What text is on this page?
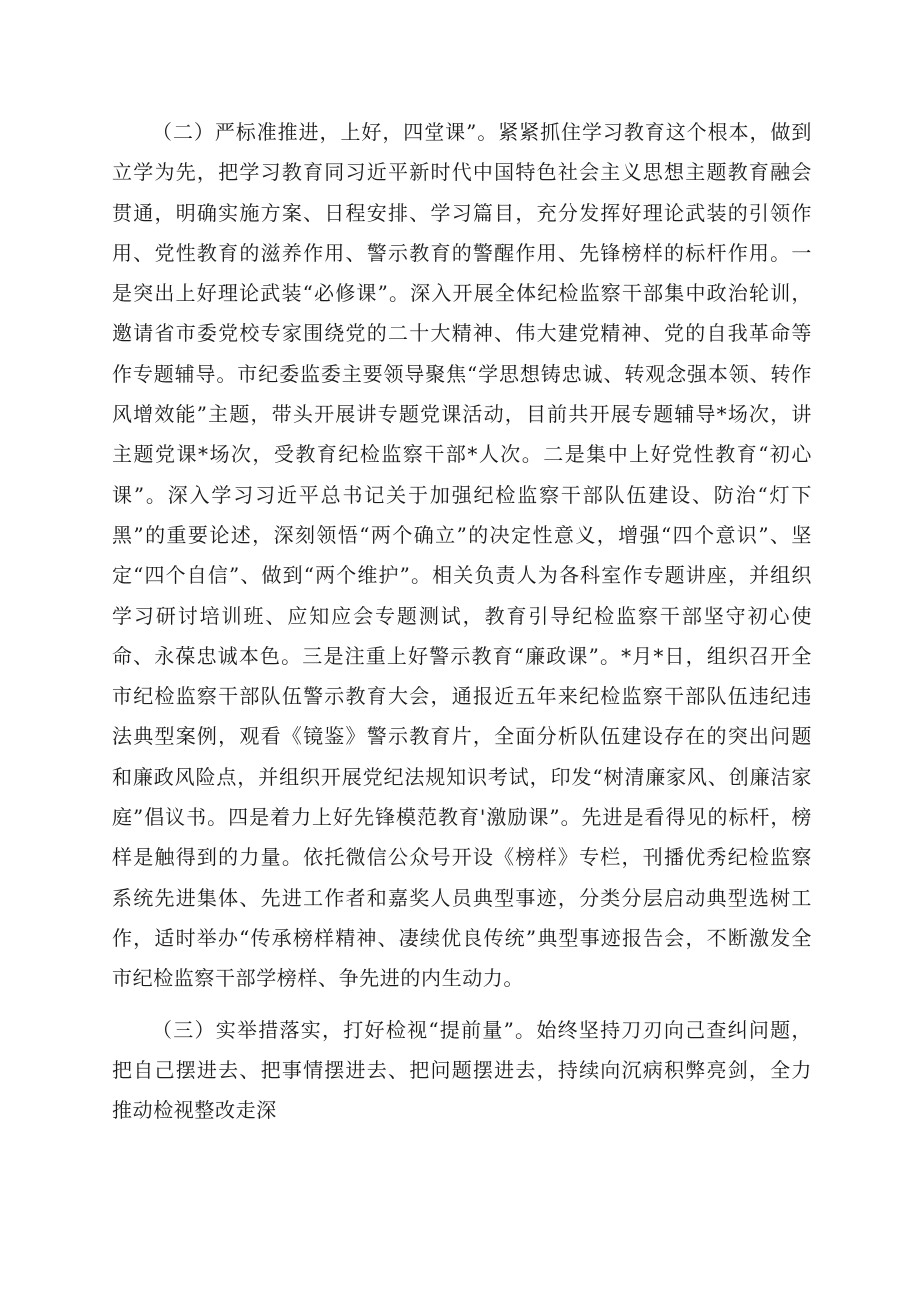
（二）严标准推进，上好，四堂课”。紧紧抓住学习教育这个根本，做到立学为先，把学习教育同习近平新时代中国特色社会主义思想主题教育融会贯通，明确实施方案、日程安排、学习篇目，充分发挥好理论武装的引领作用、党性教育的滋养作用、警示教育的警醒作用、先锋榜样的标杆作用。一是突出上好理论武装“必修课”。深入开展全体纪检监察干部集中政治轮训，邀请省市委党校专家围绕党的二十大精神、伟大建党精神、党的自我革命等作专题辅导。市纪委监委主要领导聚焦“学思想铸忠诚、转观念强本领、转作风增效能”主题，带头开展讲专题党课活动，目前共开展专题辅导*场次，讲主题党课*场次，受教育纪检监察干部*人次。二是集中上好党性教育“初心课”。深入学习习近平总书记关于加强纪检监察干部队伍建设、防治“灯下黑”的重要论述，深刻领悟“两个确立”的决定性意义，增强“四个意识”、坚定“四个自信”、做到“两个维护”。相关负责人为各科室作专题讲座，并组织学习研讨培训班、应知应会专题测试，教育引导纪检监察干部坚守初心使命、永葆忠诚本色。三是注重上好警示教育“廉政课”。*月*日，组织召开全市纪检监察干部队伍警示教育大会，通报近五年来纪检监察干部队伍违纪违法典型案例，观看《镜鉴》警示教育片，全面分析队伍建设存在的突出问题和廉政风险点，并组织开展党纪法规知识考试，印发“树清廉家风、创廉洁家庭”倡议书。四是着力上好先锋模范教育'激励课”。先进是看得见的标杆，榜样是触得到的力量。依托微信公众号开设《榜样》专栏，刊播优秀纪检监察系统先进集体、先进工作者和嘉奖人员典型事迹，分类分层启动典型选树工作，适时举办“传承榜样精神、凄续优良传统”典型事迹报告会，不断激发全市纪检监察干部学榜样、争先进的内生动力。

（三）实举措落实，打好检视“提前量”。始终坚持刀刃向己查纠问题，把自己摆进去、把事情摆进去、把问题摆进去，持续向沉病积弊亮剑，全力推动检视整改走深
